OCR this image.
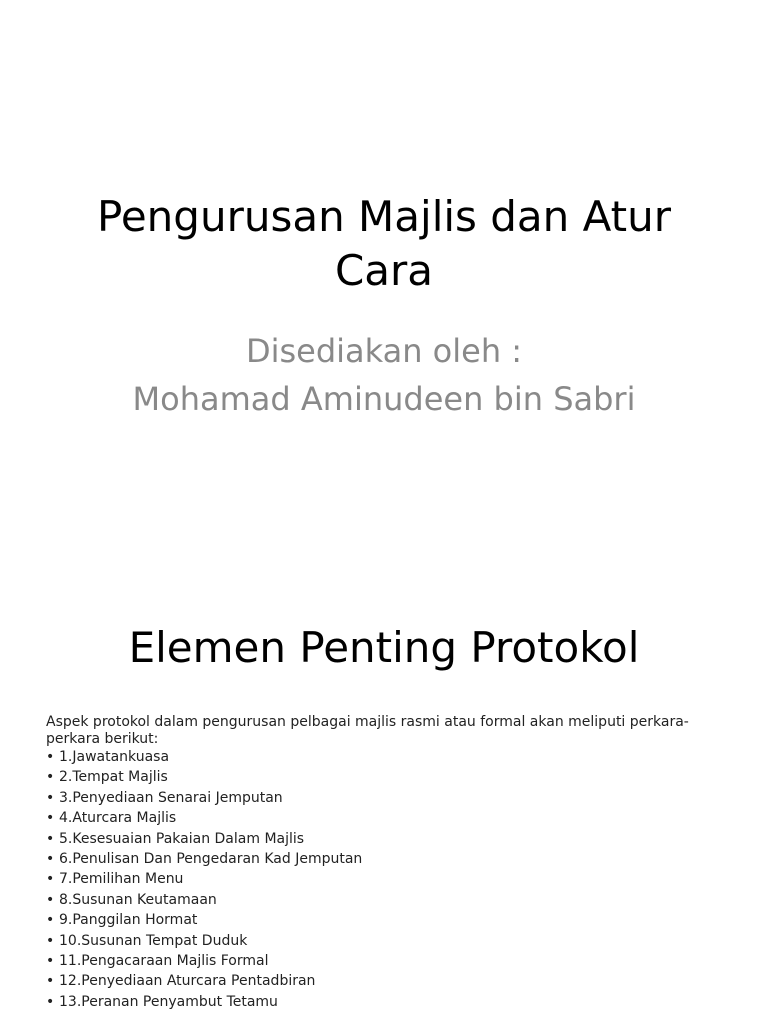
Pengurusan Majlis dan Atur Cara

Disediakan oleh :

Mohamad Aminudeen bin Sabri

Elemen Penting Protokol

Aspek protokol dalam pengurusan pelbagai majlis rasmi atau formal akan meliputi perkara-perkara berikut:

• 1.Jawatankuasa
• 2.Tempat Majlis
• 3.Penyediaan Senarai Jemputan
• 4.Aturcara Majlis
• 5.Kesesuaian Pakaian Dalam Majlis
• 6.Penulisan Dan Pengedaran Kad Jemputan
• 7.Pemilihan Menu
• 8.Susunan Keutamaan
• 9.Panggilan Hormat
• 10.Susunan Tempat Duduk
• 11.Pengacaraan Majlis Formal
• 12.Penyediaan Aturcara Pentadbiran
• 13.Peranan Penyambut Tetamu
